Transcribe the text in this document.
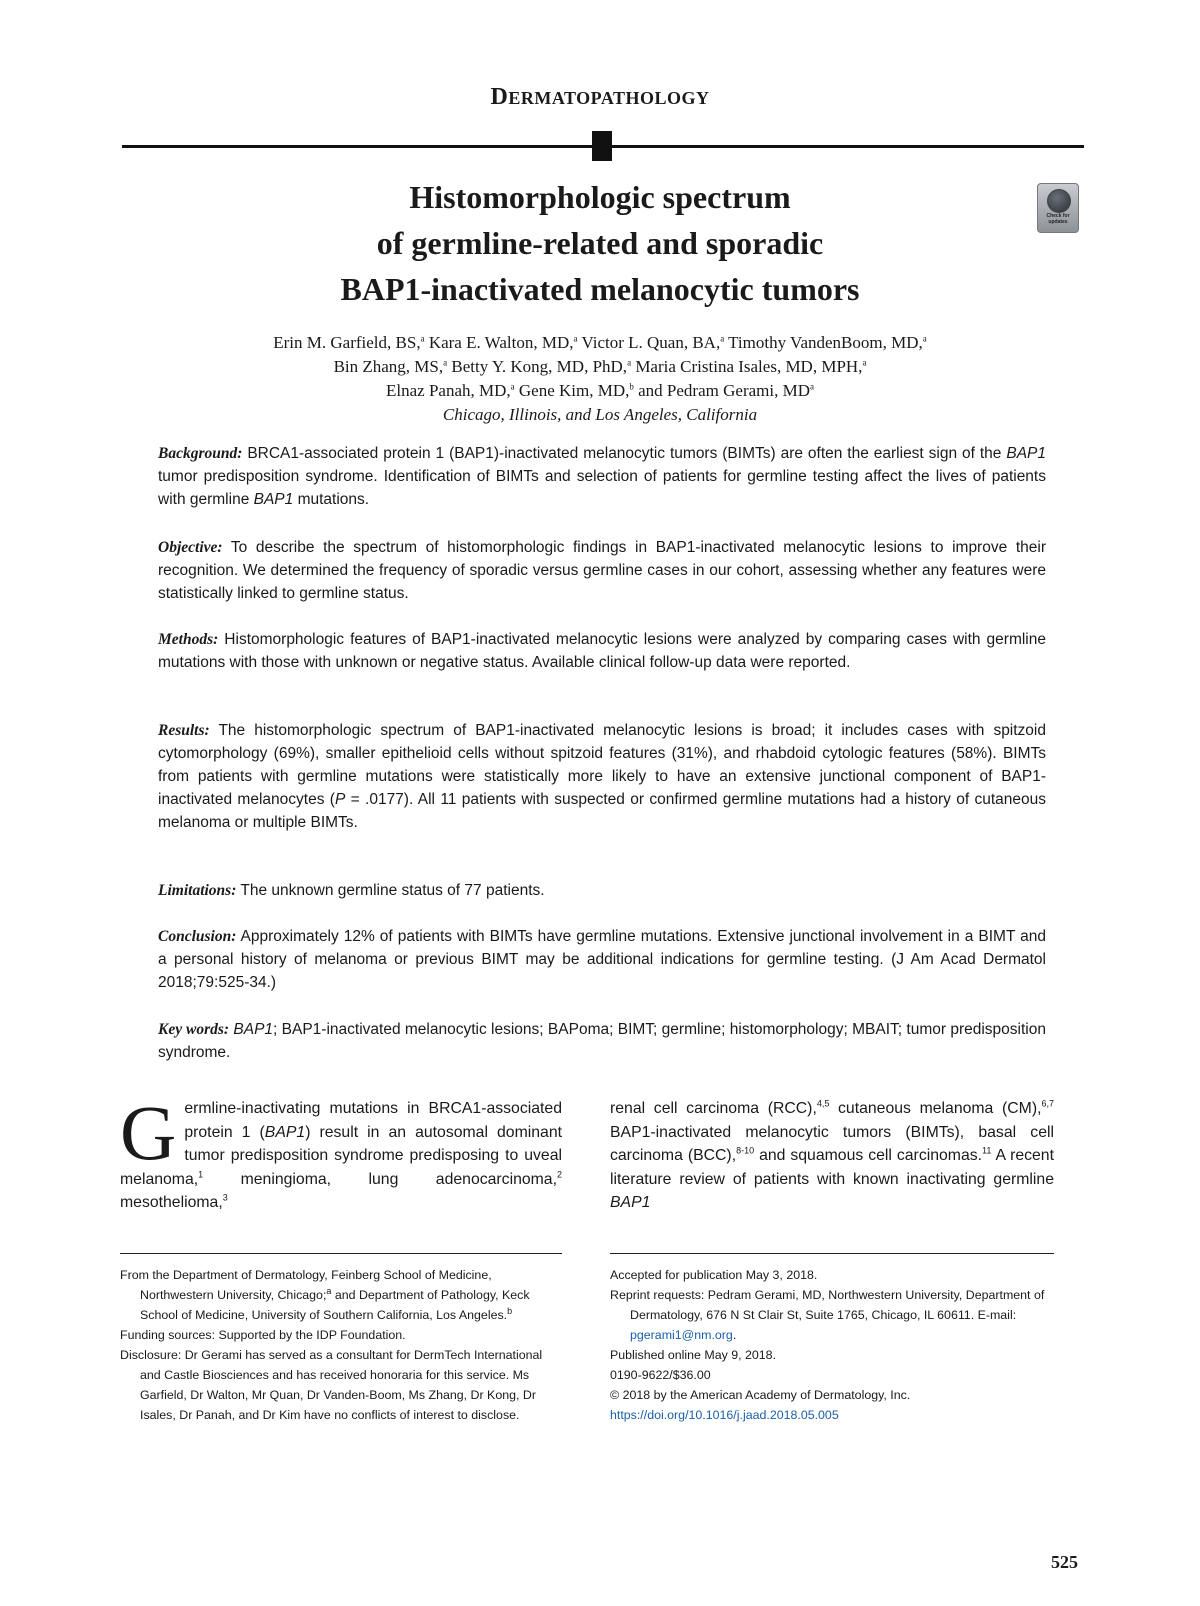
DERMATOPATHOLOGY
Check for updates
Histomorphologic spectrum
of germline-related and sporadic
BAP1-inactivated melanocytic tumors
Erin M. Garfield, BS,$^a$ Kara E. Walton, MD,$^a$ Victor L. Quan, BA,$^a$ Timothy VandenBoom, MD,$^a$
Bin Zhang, MS,$^a$ Betty Y. Kong, MD, PhD,$^a$ Maria Cristina Isales, MD, MPH,$^a$
Elnaz Panah, MD,$^a$ Gene Kim, MD,$^b$ and Pedram Gerami, $MD^a$
Chicago, Illinois, and Los Angeles, California

Background: BRCA1-associated protein 1 (BAP1)-inactivated melanocytic tumors (BIMTs) are often the earliest sign of the BAP1 tumor predisposition syndrome. Identification of BIMTs and selection of patients for germline testing affect the lives of patients with germline BAP1 mutations.

Objective: To describe the spectrum of histomorphologic findings in BAP1-inactivated melanocytic lesions to improve their recognition. We determined the frequency of sporadic versus germline cases in our cohort, assessing whether any features were statistically linked to germline status.

Methods: Histomorphologic features of BAP1-inactivated melanocytic lesions were analyzed by comparing cases with germline mutations with those with unknown or negative status. Available clinical follow-up data were reported.

Results: The histomorphologic spectrum of BAP1-inactivated melanocytic lesions is broad; it includes cases with spitzoid cytomorphology (69%), smaller epithelioid cells without spitzoid features (31%), and rhabdoid cytologic features (58%). BIMTs from patients with germline mutations were statistically more likely to have an extensive junctional component of BAP1-inactivated melanocytes (P = .0177). All 11 patients with suspected or confirmed germline mutations had a history of cutaneous melanoma or multiple BIMTs.

Limitations: The unknown germline status of 77 patients.

Conclusion: Approximately 12% of patients with BIMTs have germline mutations. Extensive junctional involvement in a BIMT and a personal history of melanoma or previous BIMT may be additional indications for germline testing. (J Am Acad Dermatol 2018;79:525-34.)

Key words: BAP1; BAP1-inactivated melanocytic lesions; BAPoma; BIMT; germline; histomorphology; MBAIT; tumor predisposition syndrome.

Germline-inactivating mutations in BRCA1-associated protein 1 (BAP1) result in an autosomal dominant tumor predisposition syndrome predisposing to uveal melanoma,$^1$ meningioma, lung adenocarcinoma,$^2$ mesothelioma,$^3$

renal cell carcinoma (RCC),$^{4,5}$ cutaneous melanoma (CM),$^{6,7}$ BAP1-inactivated melanocytic tumors (BIMTs), basal cell carcinoma (BCC),$^{8-10}$ and squamous cell carcinomas.$^{11}$ A recent literature review of patients with known inactivating germline BAP1

From the Department of Dermatology, Feinberg School of Medicine, Northwestern University, Chicago;$^a$ and Department of Pathology, Keck School of Medicine, University of Southern California, Los Angeles.$^b$

Funding sources: Supported by the IDP Foundation.

Disclosure: Dr Gerami has served as a consultant for DermTech International and Castle Biosciences and has received honoraria for this service. Ms Garfield, Dr Walton, Mr Quan, Dr Vanden-Boom, Ms Zhang, Dr Kong, Dr Isales, Dr Panah, and Dr Kim have no conflicts of interest to disclose.

Accepted for publication May 3, 2018.

Reprint requests: Pedram Gerami, MD, Northwestern University, Department of Dermatology, 676 N St Clair St, Suite 1765, Chicago, IL 60611. E-mail: pgerami1@nm.org.

Published online May 9, 2018.

0190-9622/$36.00

© 2018 by the American Academy of Dermatology, Inc.

https://doi.org/10.1016/j.jaad.2018.05.005

525
